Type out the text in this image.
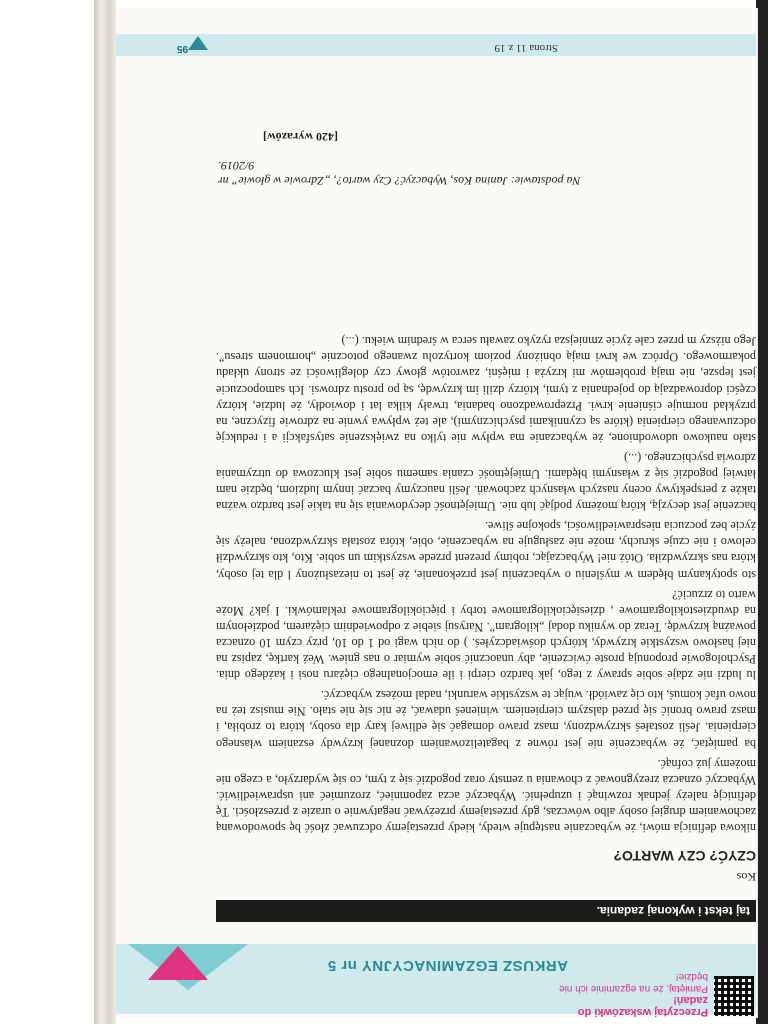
ARKUSZ EGZAMINACYJNY nr 5
Przeczytaj wskazówki do zadań!
Pamiętaj, że na egzaminie ich nie będzie!
taj tekst i wykonaj zadania.
Kos
CZYĆ? CZY WARTO?

nikowa definicja mówi, że wybaczanie następuje wtedy, kiedy przestajemy odczuwać złość bę spowodowaną zachowaniem drugiej osoby albo wówczas, gdy przestajemy przeżywać negatywnie o urazie z przeszłości. Tę definicję należy jednak rozwinąć i uzupełnić. Wybaczyć acza zapomnieć, zrozumieć ani usprawiedliwić. Wybaczyć oznacza zrezygnować z chowania u zemsty oraz pogodzić się z tym, co się wydarzyło, a czego nie możemy już cofnąć.

ba pamiętać, że wybaczenie nie jest równe z bagatelizowaniem doznanej krzywdy eszaniem własnego cierpienia. Jeśli zostałeś skrzywdzony, masz prawo domagać się edliwej kary dla osoby, która to zrobiła, i masz prawo bronić się przed dalszym cierpieniem. winieneś udawać, że nic się nie stało. Nie musisz też na nowo ufać komuś, kto cię zawiódł. wując te wszystkie warunki, nadal możesz wybaczyć.

lu ludzi nie zdaje sobie sprawy z tego, jak bardzo cierpi i ile emocjonalnego ciężaru nosi i każdego dnia. Psychologowie proponują proste ćwiczenie, aby unaocznić sobie wymiar o nas gniew. Weź kartkę, zapisz na niej hasłowo wszystkie krzywdy, których doświadczyłeś. ) do nich wagi od 1 do 10, przy czym 10 oznacza poważną krzywdę. Teraz do wyniku dodaj „kilogram”. Narysuj siebie z odpowiednim ciężarem, podziełonym na dwudziestokilogramowe , dziesięciokilogramowe torby i pięciokilogramowe reklamówki. I jak? Może warto to zrzucić?

sto spotykanym błędem w myśleniu o wybaczeniu jest przekonanie, że jest to niezasłużony l dla tej osoby, która nas skrzywdziła. Otóż nie! Wybaczając, robimy prezent przede wszystkim un sobie. Kto, kto skrzywdził celowo i nie czuje skruchy, może nie zasługuje na wybaczenie, obie, która została skrzywdzona, należy się życie bez poczucia niesprawiedliwości, spokojne śliwe.

baczenie jest decyzją, którą możemy podjąć lub nie. Umiejętność decydowania się na takie jest bardzo ważna także z perspektywy oceny naszych własnych zachowań. Jeśli nauczymy baczać innym ludziom, będzie nam łatwiej pogodzić się z własnymi błędami. Umiejętność czania samemu sobie jest kluczowa do utrzymania zdrowia psychicznego. (...)

stało naukowo udowodnione, że wybaczanie ma wpływ nie tylko na zwiększenie satysfakcji a i redukcję odczuwanego cierpienia (które są czynnikami psychicznymi), ale też wpływa ywnie na zdrowie fizyczne, na przykład normuje ciśnienie krwi. Przeprowadzono badania, trwały kilka lat i dowiodły, że ludzie, którzy części doprowadzają do pojednania z tymi, którzy dzili im krzywdę, są po prostu zdrowsi. Ich samopoczucie jest lepsze, nie mają problemów mi krzyża i mięśni, zawrotów głowy czy dolegliwości ze strony układu pokarmowego. Oprócz we krwi mają obniżony poziom kortyzolu zwanego potocznie „hormonem stresu”. Jego niższy m przez całe życie zmniejsza ryzyko zawału serca w średnim wieku. (...)

Na podstawie: Janina Kos, Wybaczyć? Czy warto?, „Zdrowie w głowie” nr 9/2019.
[420 wyrazów]
Strona 11 z 19
95
